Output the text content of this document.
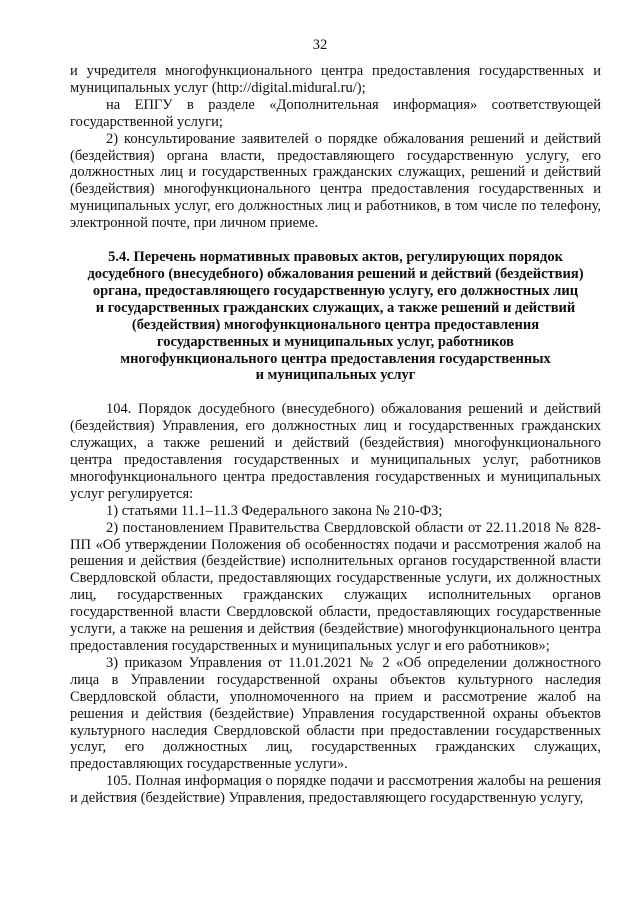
32

и учредителя многофункционального центра предоставления государственных и муниципальных услуг (http://digital.midural.ru/);

на ЕПГУ в разделе «Дополнительная информация» соответствующей государственной услуги;

2) консультирование заявителей о порядке обжалования решений и действий (бездействия) органа власти, предоставляющего государственную услугу, его должностных лиц и государственных гражданских служащих, решений и действий (бездействия) многофункционального центра предоставления государственных и муниципальных услуг, его должностных лиц и работников, в том числе по телефону, электронной почте, при личном приеме.

5.4. Перечень нормативных правовых актов, регулирующих порядок
досудебного (внесудебного) обжалования решений и действий (бездействия)
органа, предоставляющего государственную услугу, его должностных лиц
и государственных гражданских служащих, а также решений и действий
(бездействия) многофункционального центра предоставления
государственных и муниципальных услуг, работников
многофункционального центра предоставления государственных
и муниципальных услуг

104. Порядок досудебного (внесудебного) обжалования решений и действий (бездействия) Управления, его должностных лиц и государственных гражданских служащих, а также решений и действий (бездействия) многофункционального центра предоставления государственных и муниципальных услуг, работников многофункционального центра предоставления государственных и муниципальных услуг регулируется:

1) статьями 11.1–11.3 Федерального закона № 210-ФЗ;

2) постановлением Правительства Свердловской области от 22.11.2018 № 828-ПП «Об утверждении Положения об особенностях подачи и рассмотрения жалоб на решения и действия (бездействие) исполнительных органов государственной власти Свердловской области, предоставляющих государственные услуги, их должностных лиц, государственных гражданских служащих исполнительных органов государственной власти Свердловской области, предоставляющих государственные услуги, а также на решения и действия (бездействие) многофункционального центра предоставления государственных и муниципальных услуг и его работников»;

3) приказом Управления от 11.01.2021 № 2 «Об определении должностного лица в Управлении государственной охраны объектов культурного наследия Свердловской области, уполномоченного на прием и рассмотрение жалоб на решения и действия (бездействие) Управления государственной охраны объектов культурного наследия Свердловской области при предоставлении государственных услуг, его должностных лиц, государственных гражданских служащих, предоставляющих государственные услуги».

105. Полная информация о порядке подачи и рассмотрения жалобы на решения и действия (бездействие) Управления, предоставляющего государственную услугу,
